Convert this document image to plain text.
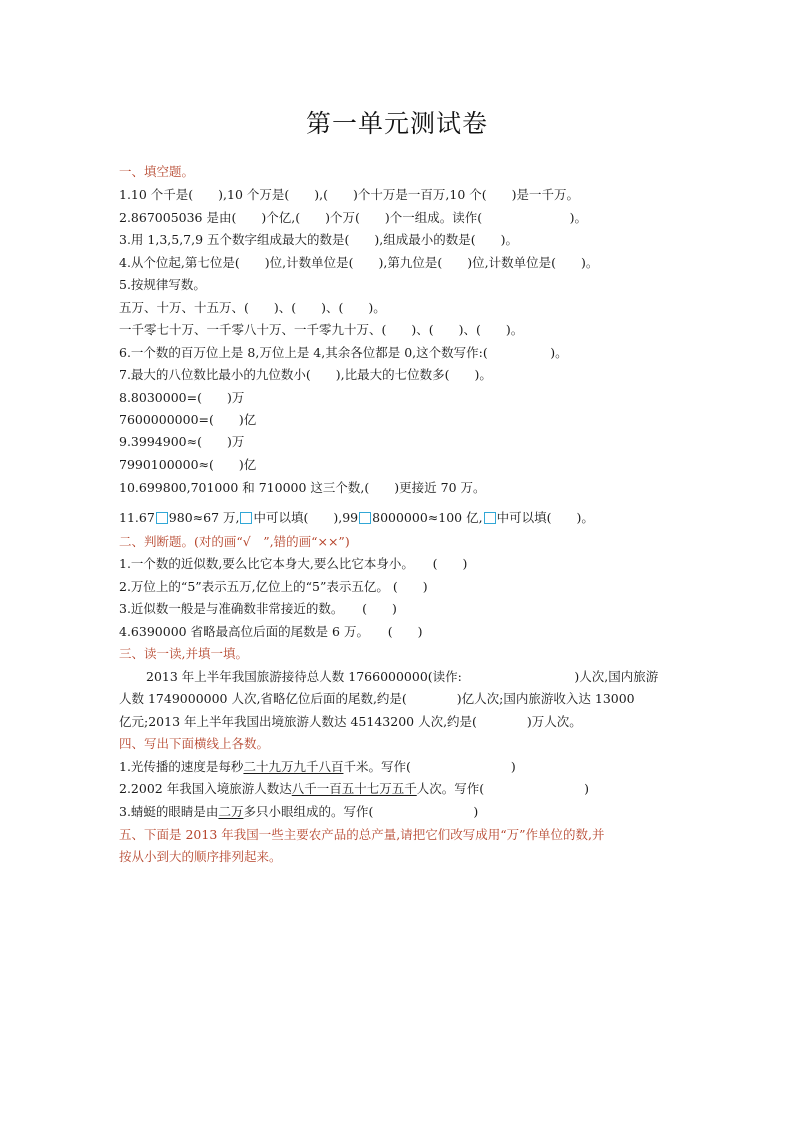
第一单元测试卷
一、填空题。
1.10 个千是(　　),10 个万是(　　),(　　)个十万是一百万,10 个(　　)是一千万。
2.867005036 是由(　　)个亿,(　　)个万(　　)个一组成。读作(　　　　　　　)。
3.用 1,3,5,7,9 五个数字组成最大的数是(　　),组成最小的数是(　　)。
4.从个位起,第七位是(　　)位,计数单位是(　　),第九位是(　　)位,计数单位是(　　)。
5.按规律写数。
五万、十万、十五万、(　　)、(　　)、(　　)。
一千零七十万、一千零八十万、一千零九十万、(　　)、(　　)、(　　)。
6.一个数的百万位上是 8,万位上是 4,其余各位都是 0,这个数写作:(　　　　　)。
7.最大的八位数比最小的九位数小(　　),比最大的七位数多(　　)。
8.8030000=(　　)万
7600000000=(　　)亿
9.3994900≈(　　)万
7990100000≈(　　)亿
10.699800,701000 和 710000 这三个数,(　　)更接近 70 万。
11.67 980≈67 万, 中可以填(　　),99 8000000≈100 亿, 中可以填(　　)。
二、判断题。(对的画“√　”,错的画“××”)
1.一个数的近似数,要么比它本身大,要么比它本身小。　　(　　)
2.万位上的“5”表示五万,亿位上的“5”表示五亿。 (　　)
3.近似数一般是与准确数非常接近的数。　　(　　)
4.6390000 省略最高位后面的尾数是 6 万。　　(　　)
三、读一读,并填一填。
2013 年上半年我国旅游接待总人数 1766000000(读作:　　　　　　　　　)人次,国内旅游
人数 1749000000 人次,省略亿位后面的尾数,约是(　　　　)亿人次;国内旅游收入达 13000
亿元;2013 年上半年我国出境旅游人数达 45143200 人次,约是(　　　　)万人次。
四、写出下面横线上各数。
1.光传播的速度是每秒二十九万九千八百千米。写作(　　　　　　　　)
2.2002 年我国入境旅游人数达八千一百五十七万五千人次。写作(　　　　　　　　)
3.蜻蜓的眼睛是由二万多只小眼组成的。写作(　　　　　　　　)
五、下面是 2013 年我国一些主要农产品的总产量,请把它们改写成用“万”作单位的数,并
按从小到大的顺序排列起来。
